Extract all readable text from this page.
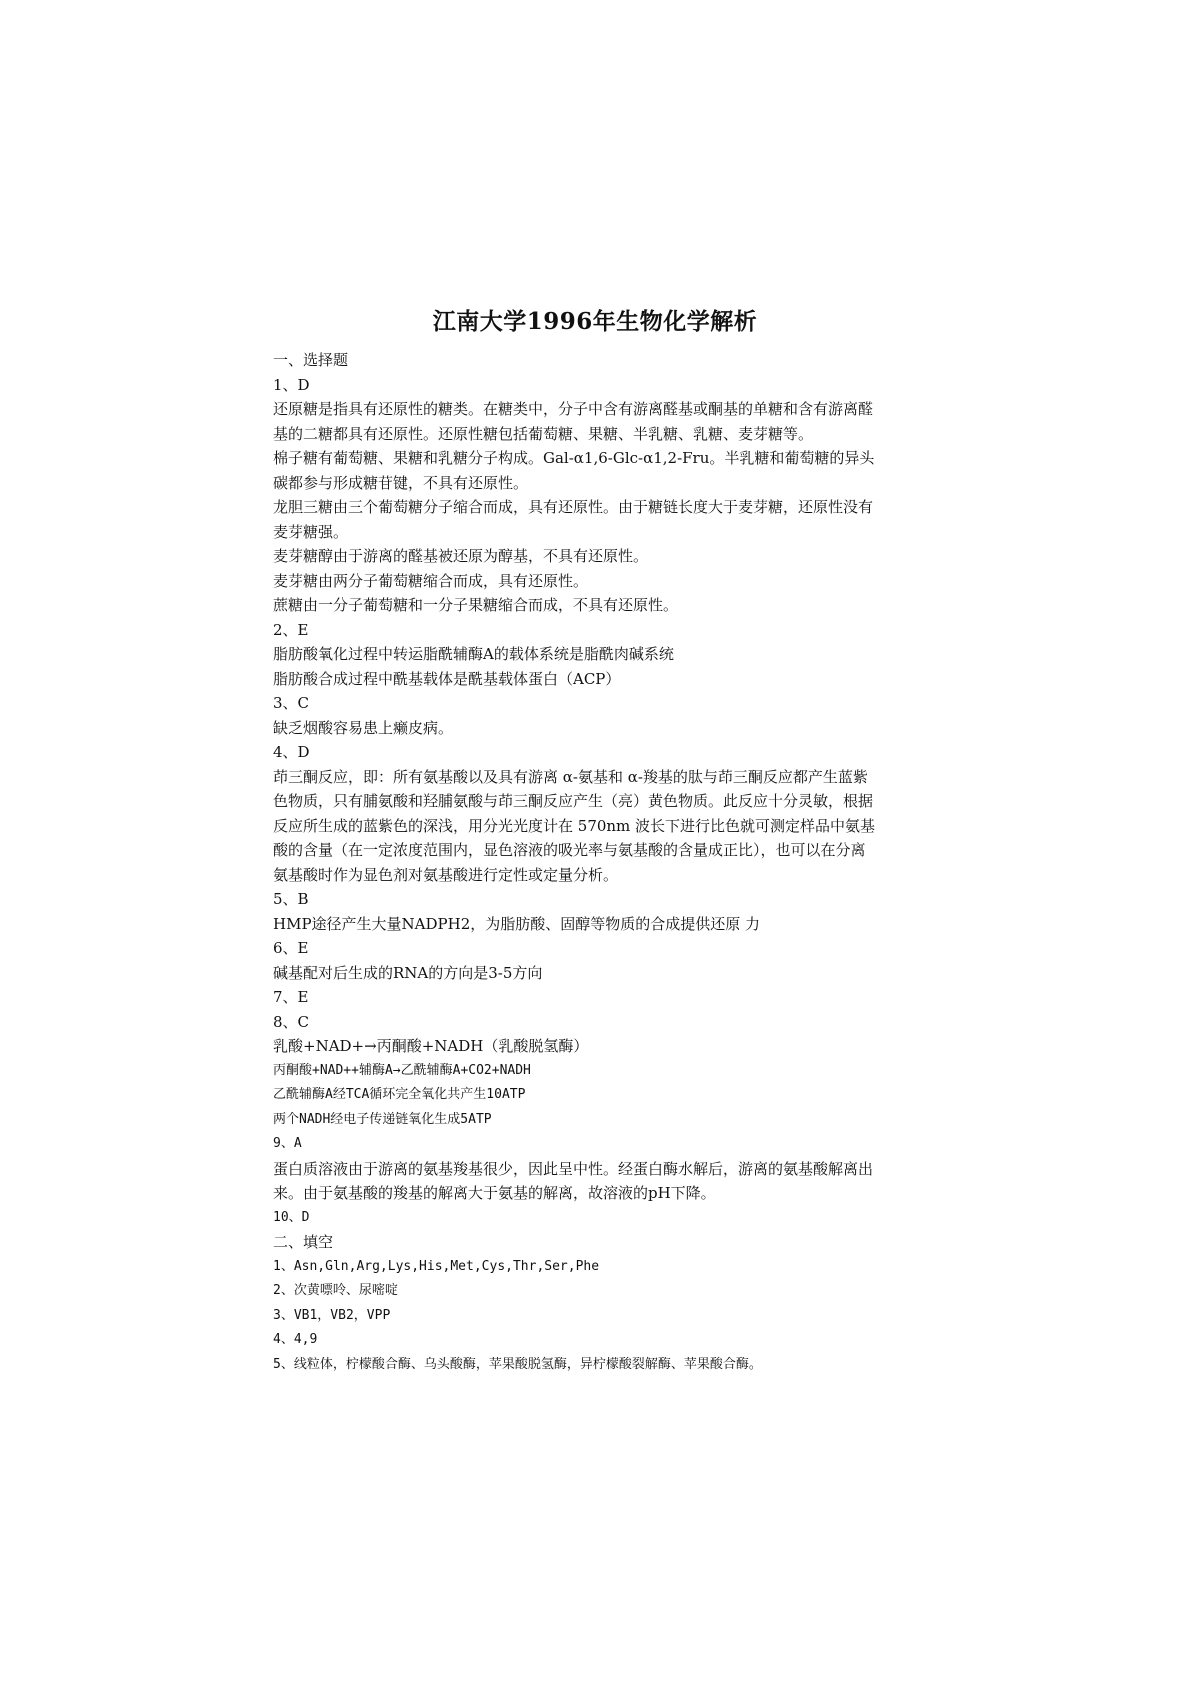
江南大学1996年生物化学解析
一、选择题
1、D
还原糖是指具有还原性的糖类。在糖类中，分子中含有游离醛基或酮基的单糖和含有游离醛
基的二糖都具有还原性。还原性糖包括葡萄糖、果糖、半乳糖、乳糖、麦芽糖等。
棉子糖有葡萄糖、果糖和乳糖分子构成。Gal-α1,6-Glc-α1,2-Fru。半乳糖和葡萄糖的异头
碳都参与形成糖苷键，不具有还原性。
龙胆三糖由三个葡萄糖分子缩合而成，具有还原性。由于糖链长度大于麦芽糖，还原性没有
麦芽糖强。
麦芽糖醇由于游离的醛基被还原为醇基，不具有还原性。
麦芽糖由两分子葡萄糖缩合而成，具有还原性。
蔗糖由一分子葡萄糖和一分子果糖缩合而成，不具有还原性。
2、E
脂肪酸氧化过程中转运脂酰辅酶A的载体系统是脂酰肉碱系统
脂肪酸合成过程中酰基载体是酰基载体蛋白（ACP）
3、C
缺乏烟酸容易患上癞皮病。
4、D
茚三酮反应，即：所有氨基酸以及具有游离 α-氨基和 α-羧基的肽与茚三酮反应都产生蓝紫
色物质，只有脯氨酸和羟脯氨酸与茚三酮反应产生（亮）黄色物质。此反应十分灵敏，根据
反应所生成的蓝紫色的深浅，用分光光度计在 570nm 波长下进行比色就可测定样品中氨基
酸的含量（在一定浓度范围内，显色溶液的吸光率与氨基酸的含量成正比），也可以在分离
氨基酸时作为显色剂对氨基酸进行定性或定量分析。
5、B
HMP途径产生大量NADPH2，为脂肪酸、固醇等物质的合成提供还原 力
6、E
碱基配对后生成的RNA的方向是3-5方向
7、E
8、C
乳酸+NAD+→丙酮酸+NADH（乳酸脱氢酶）
丙酮酸+NAD++辅酶A→乙酰辅酶A+CO2+NADH
乙酰辅酶A经TCA循环完全氧化共产生10ATP
两个NADH经电子传递链氧化生成5ATP
9、A
蛋白质溶液由于游离的氨基羧基很少，因此呈中性。经蛋白酶水解后，游离的氨基酸解离出
来。由于氨基酸的羧基的解离大于氨基的解离，故溶液的pH下降。
10、D
二、填空
1、Asn,Gln,Arg,Lys,His,Met,Cys,Thr,Ser,Phe
2、次黄嘌呤、尿嘧啶
3、VB1，VB2，VPP
4、4,9
5、线粒体，柠檬酸合酶、乌头酸酶，苹果酸脱氢酶，异柠檬酸裂解酶、苹果酸合酶。
